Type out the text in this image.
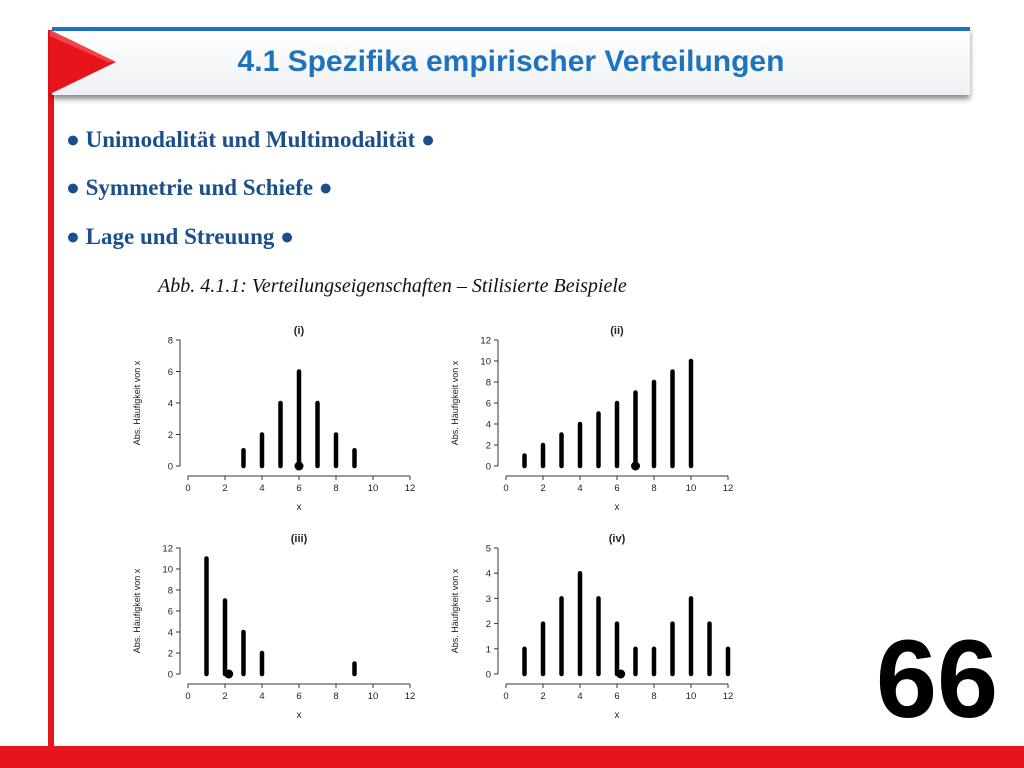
4.1 Spezifika empirischer Verteilungen
● Unimodalität und Multimodalität ●
● Symmetrie und Schiefe ●
● Lage und Streuung ●
Abb. 4.1.1: Verteilungseigenschaften – Stilisierte Beispiele
(i)
0
2
4
6
8
0	2	4	6	8	10	12
x
Abs. Häufigkeit von x
(ii)
0
2
4
6
8
10
12
0	2	4	6	8	10	12
x
Abs. Häufigkeit von x
(iii)
0
2
4
6
8
10
12
0	2	4	6	8	10	12
x
Abs. Häufigkeit von x
(iv)
0
1
2
3
4
5
0	2	4	6	8	10	12
x
Abs. Häufigkeit von x
66
